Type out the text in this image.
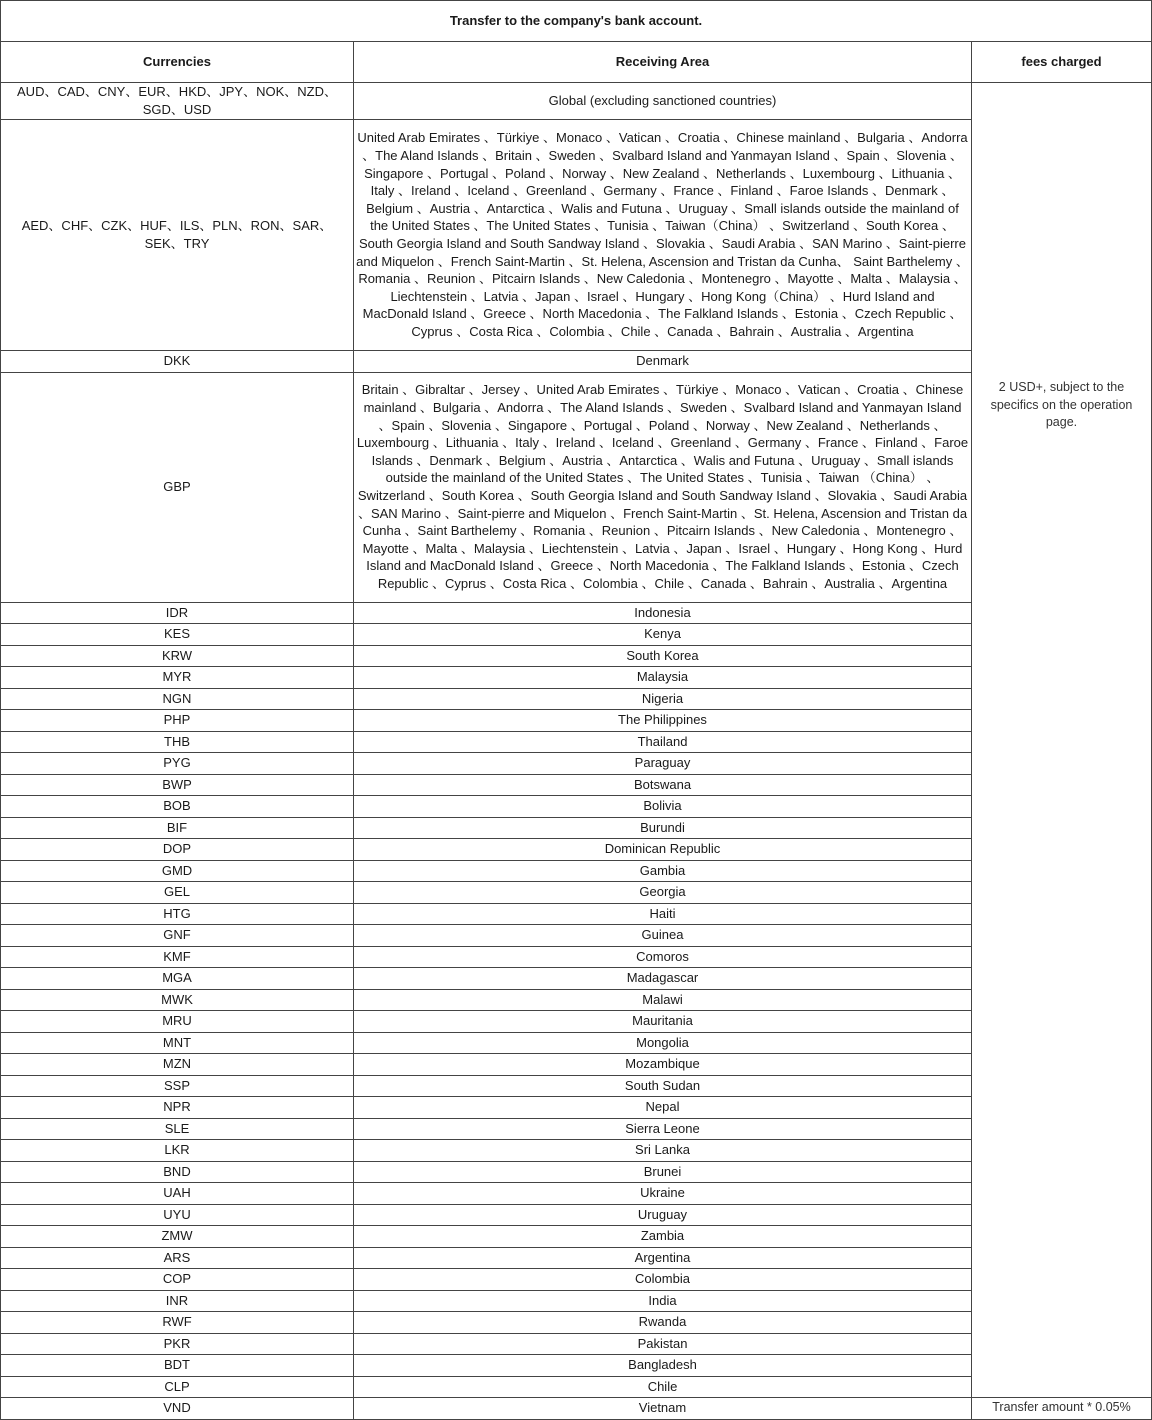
Transfer to the company's bank account.		
Currencies	Receiving Area	fees charged
AUD、CAD、CNY、EUR、HKD、JPY、NOK、NZD、SGD、USD	Global (excluding sanctioned countries)	2 USD+, subject to the specifics on the operation page.
AED、CHF、CZK、HUF、ILS、PLN、RON、SAR、SEK、TRY	United Arab Emirates 、Türkiye 、Monaco 、Vatican 、Croatia 、Chinese mainland 、Bulgaria 、Andorra 、The Aland Islands 、Britain 、Sweden 、Svalbard Island and Yanmayan Island 、Spain 、Slovenia 、Singapore 、Portugal 、Poland 、Norway 、New Zealand 、Netherlands 、Luxembourg 、Lithuania 、Italy 、Ireland 、Iceland 、Greenland 、Germany 、France 、Finland 、Faroe Islands 、Denmark 、Belgium 、Austria 、Antarctica 、Walis and Futuna 、Uruguay 、Small islands outside the mainland of the United States 、The United States 、Tunisia 、Taiwan（China） 、Switzerland 、South Korea 、South Georgia Island and South Sandway Island 、Slovakia 、Saudi Arabia 、SAN Marino 、Saint-pierre and Miquelon 、French Saint-Martin 、St. Helena, Ascension and Tristan da Cunha、 Saint Barthelemy 、Romania 、Reunion 、Pitcairn Islands 、New Caledonia 、Montenegro 、Mayotte 、Malta 、Malaysia 、Liechtenstein 、Latvia 、Japan 、Israel 、Hungary 、Hong Kong（China） 、Hurd Island and MacDonald Island 、Greece 、North Macedonia 、The Falkland Islands 、Estonia 、Czech Republic 、Cyprus 、Costa Rica 、Colombia 、Chile 、Canada 、Bahrain 、Australia 、Argentina	
DKK	Denmark	
GBP	Britain 、Gibraltar 、Jersey 、United Arab Emirates 、Türkiye 、Monaco 、Vatican 、Croatia 、Chinese mainland 、Bulgaria 、Andorra 、The Aland Islands 、Sweden 、Svalbard Island and Yanmayan Island 、Spain 、Slovenia 、Singapore 、Portugal 、Poland 、Norway 、New Zealand 、Netherlands 、Luxembourg 、Lithuania 、Italy 、Ireland 、Iceland 、Greenland 、Germany 、France 、Finland 、Faroe Islands 、Denmark 、Belgium 、Austria 、Antarctica 、Walis and Futuna 、Uruguay 、Small islands outside the mainland of the United States 、The United States 、Tunisia 、Taiwan （China） 、Switzerland 、South Korea 、South Georgia Island and South Sandway Island 、Slovakia 、Saudi Arabia 、SAN Marino 、Saint-pierre and Miquelon 、French Saint-Martin 、St. Helena, Ascension and Tristan da Cunha 、Saint Barthelemy 、Romania 、Reunion 、Pitcairn Islands 、New Caledonia 、Montenegro 、Mayotte 、Malta 、Malaysia 、Liechtenstein 、Latvia 、Japan 、Israel 、Hungary 、Hong Kong 、Hurd Island and MacDonald Island 、Greece 、North Macedonia 、The Falkland Islands 、Estonia 、Czech Republic 、Cyprus 、Costa Rica 、Colombia 、Chile 、Canada 、Bahrain 、Australia 、Argentina	
IDR	Indonesia	
KES	Kenya	
KRW	South Korea	
MYR	Malaysia	
NGN	Nigeria	
PHP	The Philippines	
THB	Thailand	
PYG	Paraguay	
BWP	Botswana	
BOB	Bolivia	
BIF	Burundi	
DOP	Dominican Republic	
GMD	Gambia	
GEL	Georgia	
HTG	Haiti	
GNF	Guinea	
KMF	Comoros	
MGA	Madagascar	
MWK	Malawi	
MRU	Mauritania	
MNT	Mongolia	
MZN	Mozambique	
SSP	South Sudan	
NPR	Nepal	
SLE	Sierra Leone	
LKR	Sri Lanka	
BND	Brunei	
UAH	Ukraine	
UYU	Uruguay	
ZMW	Zambia	
ARS	Argentina	
COP	Colombia	
INR	India	
RWF	Rwanda	
PKR	Pakistan	
BDT	Bangladesh	
CLP	Chile	
VND	Vietnam	Transfer amount * 0.05%
